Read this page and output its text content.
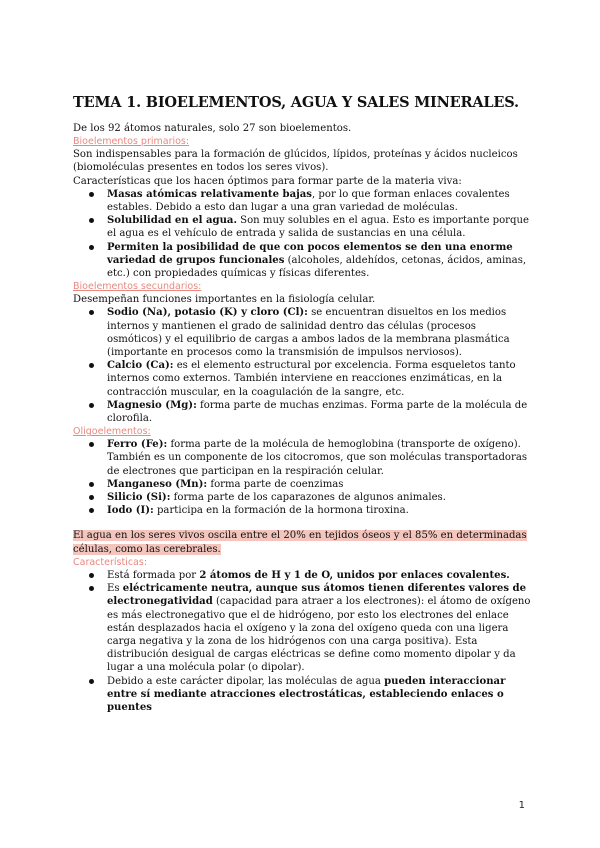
TEMA 1. BIOELEMENTOS, AGUA Y SALES MINERALES.

De los 92 átomos naturales, solo 27 son bioelementos.

Bioelementos primarios:

Son indispensables para la formación de glúcidos, lípidos, proteínas y ácidos nucleicos (biomoléculas presentes en todos los seres vivos).

Características que los hacen óptimos para formar parte de la materia viva:

Masas atómicas relativamente bajas, por lo que forman enlaces covalentes estables. Debido a esto dan lugar a una gran variedad de moléculas.
Solubilidad en el agua. Son muy solubles en el agua. Esto es importante porque el agua es el vehículo de entrada y salida de sustancias en una célula.
Permiten la posibilidad de que con pocos elementos se den una enorme variedad de grupos funcionales (alcoholes, aldehídos, cetonas, ácidos, aminas, etc.) con propiedades químicas y físicas diferentes.

Bioelementos secundarios:

Desempeñan funciones importantes en la fisiología celular.

Sodio (Na), potasio (K) y cloro (Cl): se encuentran disueltos en los medios internos y mantienen el grado de salinidad dentro das células (procesos osmóticos) y el equilibrio de cargas a ambos lados de la membrana plasmática (importante en procesos como la transmisión de impulsos nerviosos).
Calcio (Ca): es el elemento estructural por excelencia. Forma esqueletos tanto internos como externos. También interviene en reacciones enzimáticas, en la contracción muscular, en la coagulación de la sangre, etc.
Magnesio (Mg): forma parte de muchas enzimas. Forma parte de la molécula de clorofila.

Oligoelementos:

Ferro (Fe): forma parte de la molécula de hemoglobina (transporte de oxígeno). También es un componente de los citocromos, que son moléculas transportadoras de electrones que participan en la respiración celular.
Manganeso (Mn): forma parte de coenzimas
Silicio (Si): forma parte de los caparazones de algunos animales.
Iodo (I): participa en la formación de la hormona tiroxina.

El agua en los seres vivos oscila entre el 20% en tejidos óseos y el 85% en determinadas células, como las cerebrales.

Características:

Está formada por 2 átomos de H y 1 de O, unidos por enlaces covalentes.
Es eléctricamente neutra, aunque sus átomos tienen diferentes valores de electronegatividad (capacidad para atraer a los electrones): el átomo de oxígeno es más electronegativo que el de hidrógeno, por esto los electrones del enlace están desplazados hacia el oxígeno y la zona del oxígeno queda con una ligera carga negativa y la zona de los hidrógenos con una carga positiva). Esta distribución desigual de cargas eléctricas se define como momento dipolar y da lugar a una molécula polar (o dipolar).
Debido a este carácter dipolar, las moléculas de agua pueden interaccionar entre sí mediante atracciones electrostáticas, estableciendo enlaces o puentes
1
